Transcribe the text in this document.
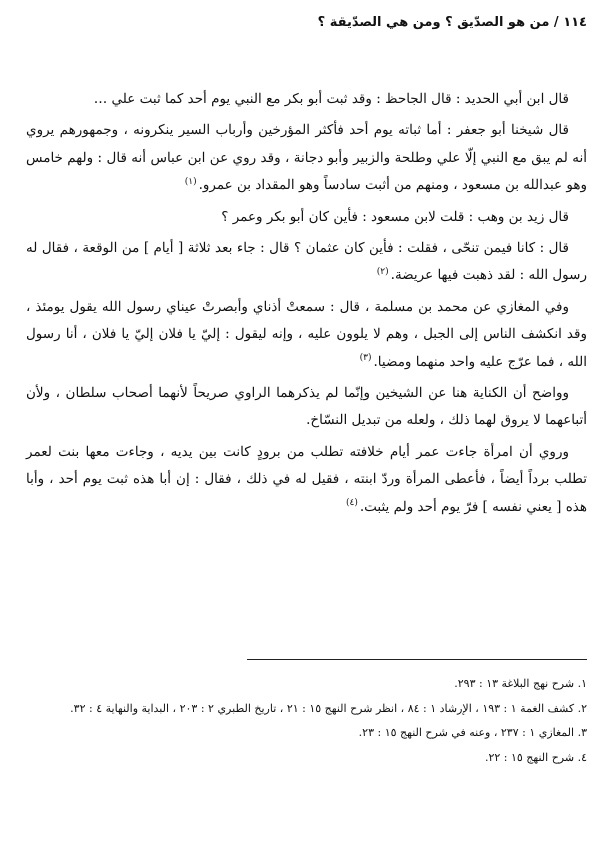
١١٤ / من هو الصدّيق ؟ ومن هي الصدّيقة ؟

قال ابن أبي الحديد : قال الجاحظ : وقد ثبت أبو بكر مع النبي يوم أحد كما ثبت علي …

قال شيخنا أبو جعفر : أما ثباته يوم أحد فأكثر المؤرخين وأرباب السير ينكرونه ، وجمهورهم يروي أنه لم يبق مع النبي إلّا علي وطلحة والزبير وأبو دجانة ، وقد روي عن ابن عباس أنه قال : ولهم خامس وهو عبدالله بن مسعود ، ومنهم من أثبت سادساً وهو المقداد بن عمرو.$^{(١)}$

قال زيد بن وهب : قلت لابن مسعود : فأين كان أبو بكر وعمر ؟

قال : كانا فيمن تنحّى ، فقلت : فأين كان عثمان ؟ قال : جاء بعد ثلاثة [ أيام ] من الوقعة ، فقال له رسول الله : لقد ذهبت فيها عريضة.$^{(٢)}$

وفي المغازي عن محمد بن مسلمة ، قال : سمعتْ أذناي وأبصرتْ عيناي رسول الله يقول يومئذ ، وقد انكشف الناس إلى الجبل ، وهم لا يلوون عليه ، وإنه ليقول : إليّ يا فلان إليّ يا فلان ، أنا رسول الله ، فما عرّج عليه واحد منهما ومضيا.$^{(٣)}$

وواضح أن الكناية هنا عن الشيخين وإنّما لم يذكرهما الراوي صريحاً لأنهما أصحاب سلطان ، ولأن أتباعهما لا يروق لهما ذلك ، ولعله من تبديل النسّاخ.

وروي أن امرأة جاءت عمر أيام خلافته تطلب من برودٍ كانت بين يديه ، وجاءت معها بنت لعمر تطلب برداً أيضاً ، فأعطى المرأة وردّ ابنته ، فقيل له في ذلك ، فقال : إن أبا هذه ثبت يوم أحد ، وأبا هذه [ يعني نفسه ] فرّ يوم أحد ولم يثبت.$^{(٤)}$

١. شرح نهج البلاغة ١٣ : ٢٩٣.

٢. كشف الغمة ١ : ١٩٣ ، الإرشاد ١ : ٨٤ ، انظر شرح النهج ١٥ : ٢١ ، تاريخ الطبري ٢ : ٢٠٣ ، البداية والنهاية ٤ : ٣٢.

٣. المغازي ١ : ٢٣٧ ، وعنه في شرح النهج ١٥ : ٢٣.

٤. شرح النهج ١٥ : ٢٢.
